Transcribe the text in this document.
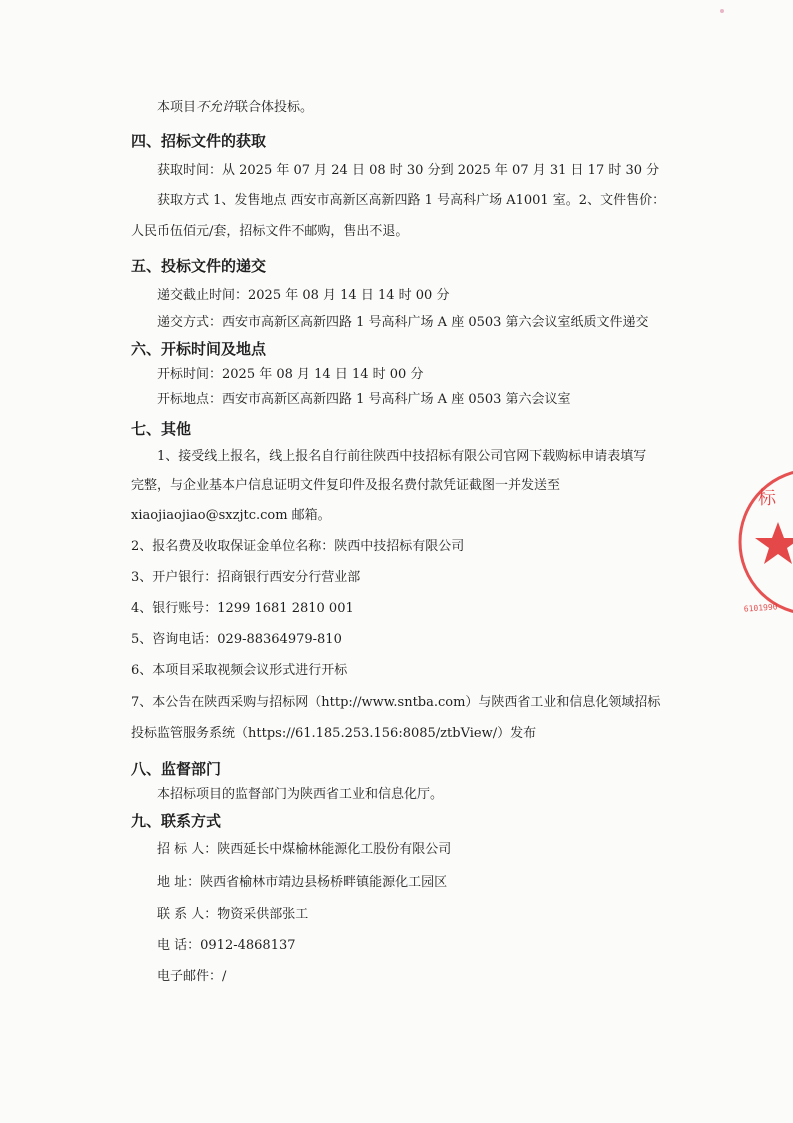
本项目不允许联合体投标。
四、招标文件的获取
获取时间：从 2025 年 07 月 24 日 08 时 30 分到 2025 年 07 月 31 日 17 时 30 分
获取方式 1、发售地点 西安市高新区高新四路 1 号高科广场 A1001 室。2、文件售价：
人民币伍佰元/套，招标文件不邮购，售出不退。
五、投标文件的递交
递交截止时间：2025 年 08 月 14 日 14 时 00 分
递交方式：西安市高新区高新四路 1 号高科广场 A 座 0503 第六会议室纸质文件递交
六、开标时间及地点
开标时间：2025 年 08 月 14 日 14 时 00 分
开标地点：西安市高新区高新四路 1 号高科广场 A 座 0503 第六会议室
七、其他
1、接受线上报名，线上报名自行前往陕西中技招标有限公司官网下载购标申请表填写
完整，与企业基本户信息证明文件复印件及报名费付款凭证截图一并发送至
xiaojiaojiao@sxzjtc.com 邮箱。
2、报名费及收取保证金单位名称：陕西中技招标有限公司
3、开户银行：招商银行西安分行营业部
4、银行账号：1299 1681 2810 001
5、咨询电话：029-88364979-810
6、本项目采取视频会议形式进行开标
7、本公告在陕西采购与招标网（http://www.sntba.com）与陕西省工业和信息化领域招标
投标监管服务系统（https://61.185.253.156:8085/ztbView/）发布
八、监督部门
本招标项目的监督部门为陕西省工业和信息化厅。
九、联系方式
招 标 人：陕西延长中煤榆林能源化工股份有限公司
地 址：陕西省榆林市靖边县杨桥畔镇能源化工园区
联 系 人：物资采供部张工
电 话：0912-4868137
电子邮件：/
标
6101990
